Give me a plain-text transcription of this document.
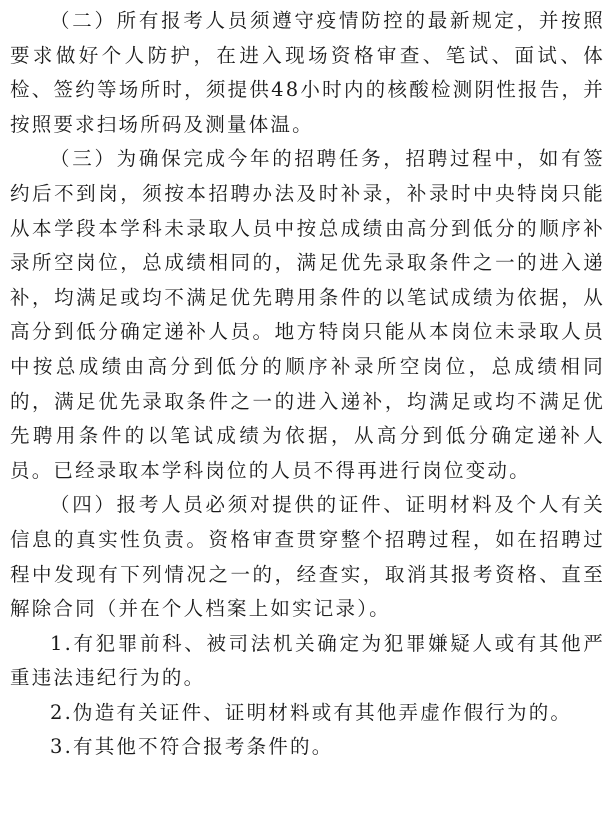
（二）所有报考人员须遵守疫情防控的最新规定，并按照要求做好个人防护，在进入现场资格审查、笔试、面试、体检、签约等场所时，须提供48小时内的核酸检测阴性报告，并按照要求扫场所码及测量体温。

（三）为确保完成今年的招聘任务，招聘过程中，如有签约后不到岗，须按本招聘办法及时补录，补录时中央特岗只能从本学段本学科未录取人员中按总成绩由高分到低分的顺序补录所空岗位，总成绩相同的，满足优先录取条件之一的进入递补，均满足或均不满足优先聘用条件的以笔试成绩为依据，从高分到低分确定递补人员。地方特岗只能从本岗位未录取人员中按总成绩由高分到低分的顺序补录所空岗位，总成绩相同的，满足优先录取条件之一的进入递补，均满足或均不满足优先聘用条件的以笔试成绩为依据，从高分到低分确定递补人员。已经录取本学科岗位的人员不得再进行岗位变动。

（四）报考人员必须对提供的证件、证明材料及个人有关信息的真实性负责。资格审查贯穿整个招聘过程，如在招聘过程中发现有下列情况之一的，经查实，取消其报考资格、直至解除合同（并在个人档案上如实记录）。

1.有犯罪前科、被司法机关确定为犯罪嫌疑人或有其他严重违法违纪行为的。

2.伪造有关证件、证明材料或有其他弄虚作假行为的。

3.有其他不符合报考条件的。
